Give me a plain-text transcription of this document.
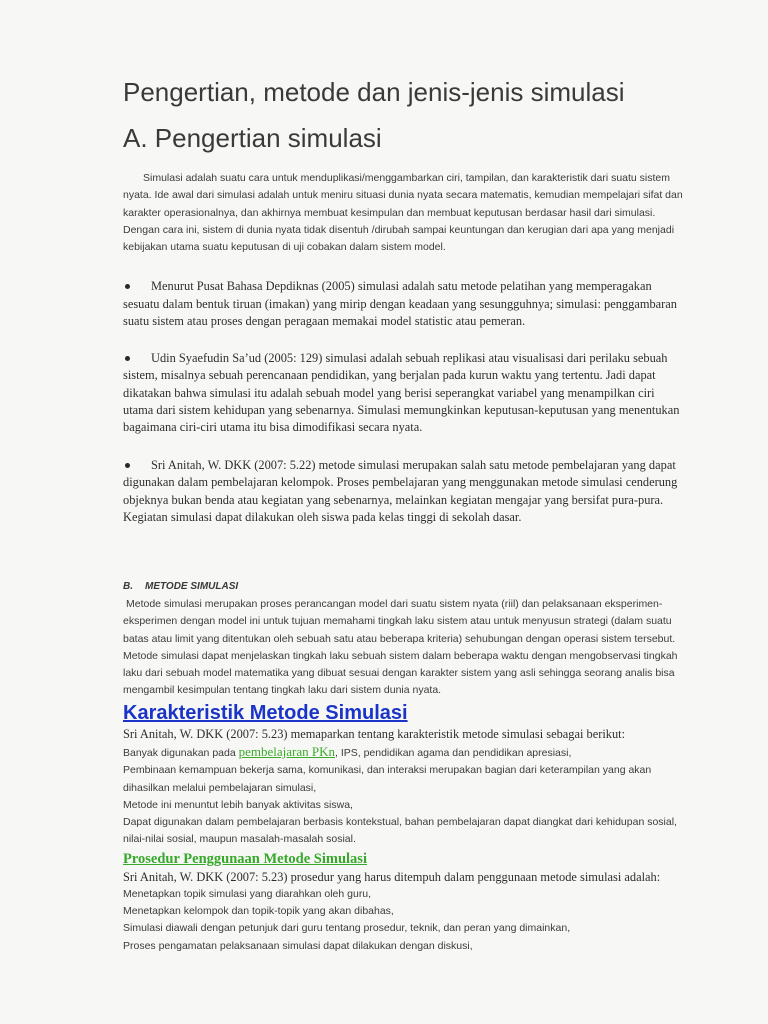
Pengertian, metode dan jenis-jenis simulasi
A. Pengertian simulasi

Simulasi adalah suatu cara untuk menduplikasi/menggambarkan ciri, tampilan, dan karakteristik dari suatu sistem nyata. Ide awal dari simulasi adalah untuk meniru situasi dunia nyata secara matematis, kemudian mempelajari sifat dan karakter operasionalnya, dan akhirnya membuat kesimpulan dan membuat keputusan berdasar hasil dari simulasi. Dengan cara ini, sistem di dunia nyata tidak disentuh /dirubah sampai keuntungan dan kerugian dari apa yang menjadi kebijakan utama suatu keputusan di uji cobakan dalam sistem model.

Menurut Pusat Bahasa Depdiknas (2005) simulasi adalah satu metode pelatihan yang memperagakan sesuatu dalam bentuk tiruan (imakan) yang mirip dengan keadaan yang sesungguhnya; simulasi: penggambaran suatu sistem atau proses dengan peragaan memakai model statistic atau pemeran.

Udin Syaefudin Sa’ud (2005: 129) simulasi adalah sebuah replikasi atau visualisasi dari perilaku sebuah sistem, misalnya sebuah perencanaan pendidikan, yang berjalan pada kurun waktu yang tertentu. Jadi dapat dikatakan bahwa simulasi itu adalah sebuah model yang berisi seperangkat variabel yang menampilkan ciri utama dari sistem kehidupan yang sebenarnya. Simulasi memungkinkan keputusan-keputusan yang menentukan bagaimana ciri-ciri utama itu bisa dimodifikasi secara nyata.

Sri Anitah, W. DKK (2007: 5.22) metode simulasi merupakan salah satu metode pembelajaran yang dapat digunakan dalam pembelajaran kelompok. Proses pembelajaran yang menggunakan metode simulasi cenderung objeknya bukan benda atau kegiatan yang sebenarnya, melainkan kegiatan mengajar yang bersifat pura-pura. Kegiatan simulasi dapat dilakukan oleh siswa pada kelas tinggi di sekolah dasar.

B. METODE SIMULASI

Metode simulasi merupakan proses perancangan model dari suatu sistem nyata (riil) dan pelaksanaan eksperimen-eksperimen dengan model ini untuk tujuan memahami tingkah laku sistem atau untuk menyusun strategi (dalam suatu batas atau limit yang ditentukan oleh sebuah satu atau beberapa kriteria) sehubungan dengan operasi sistem tersebut. Metode simulasi dapat menjelaskan tingkah laku sebuah sistem dalam beberapa waktu dengan mengobservasi tingkah laku dari sebuah model matematika yang dibuat sesuai dengan karakter sistem yang asli sehingga seorang analis bisa mengambil kesimpulan tentang tingkah laku dari sistem dunia nyata.

Karakteristik Metode Simulasi

Sri Anitah, W. DKK (2007: 5.23) memaparkan tentang karakteristik metode simulasi sebagai berikut:

Banyak digunakan pada pembelajaran PKn, IPS, pendidikan agama dan pendidikan apresiasi,

Pembinaan kemampuan bekerja sama, komunikasi, dan interaksi merupakan bagian dari keterampilan yang akan dihasilkan melalui pembelajaran simulasi,

Metode ini menuntut lebih banyak aktivitas siswa,

Dapat digunakan dalam pembelajaran berbasis kontekstual, bahan pembelajaran dapat diangkat dari kehidupan sosial, nilai-nilai sosial, maupun masalah-masalah sosial.

Prosedur Penggunaan Metode Simulasi

Sri Anitah, W. DKK (2007: 5.23) prosedur yang harus ditempuh dalam penggunaan metode simulasi adalah:

Menetapkan topik simulasi yang diarahkan oleh guru,

Menetapkan kelompok dan topik-topik yang akan dibahas,

Simulasi diawali dengan petunjuk dari guru tentang prosedur, teknik, dan peran yang dimainkan,

Proses pengamatan pelaksanaan simulasi dapat dilakukan dengan diskusi,
